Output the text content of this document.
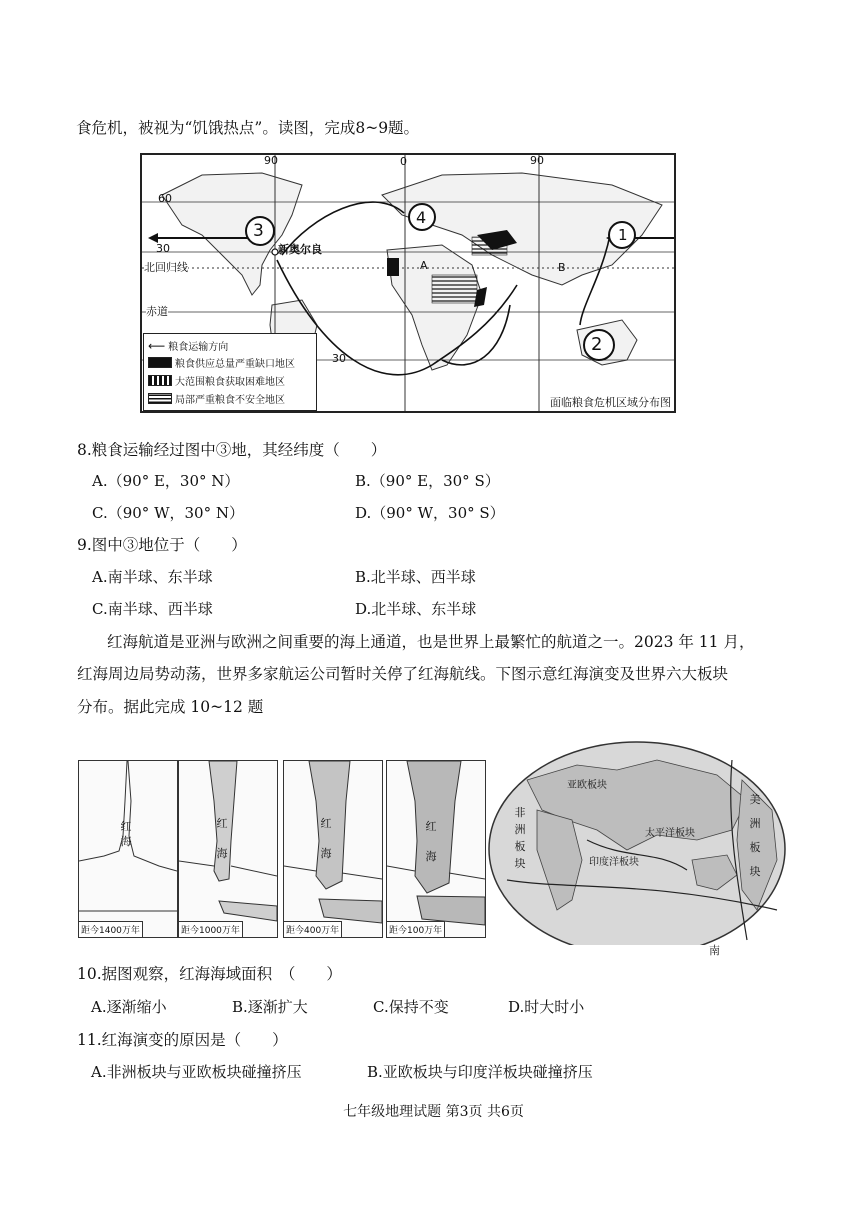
食危机，被视为“饥饿热点”。读图，完成8~9题。
90	0	90
60
30
北回归线
赤道
30
3
4
1
2
新奥尔良
A	B
⟵ 粮食运输方向
粮食供应总量严重缺口地区
大范围粮食获取困难地区
局部严重粮食不安全地区	面临粮食危机区域分布图
8.粮食运输经过图中③地，其经纬度（　　）
A.（90° E，30° N）	B.（90° E，30° S）
C.（90° W，30° N）	D.（90° W，30° S）
9.图中③地位于（　　）
A.南半球、东半球	B.北半球、西半球
C.南半球、西半球	D.北半球、东半球
红海航道是亚洲与欧洲之间重要的海上通道，也是世界上最繁忙的航道之一。2023 年 11 月，
红海周边局势动荡，世界多家航运公司暂时关停了红海航线。下图示意红海演变及世界六大板块
分布。据此完成 10~12 题
红
海
距今1400万年
红

海
距今1000万年
红

海
距今400万年
红

海
距今100万年
亚欧板块
非
洲
板
块
太平洋板块
印度洋板块
美
洲
板
块
南
10.据图观察，红海海域面积　（　　）
A.逐渐缩小	B.逐渐扩大	C.保持不变	D.时大时小
11.红海演变的原因是（　　）
A.非洲板块与亚欧板块碰撞挤压	B.亚欧板块与印度洋板块碰撞挤压
七年级地理试题 第3页 共6页
